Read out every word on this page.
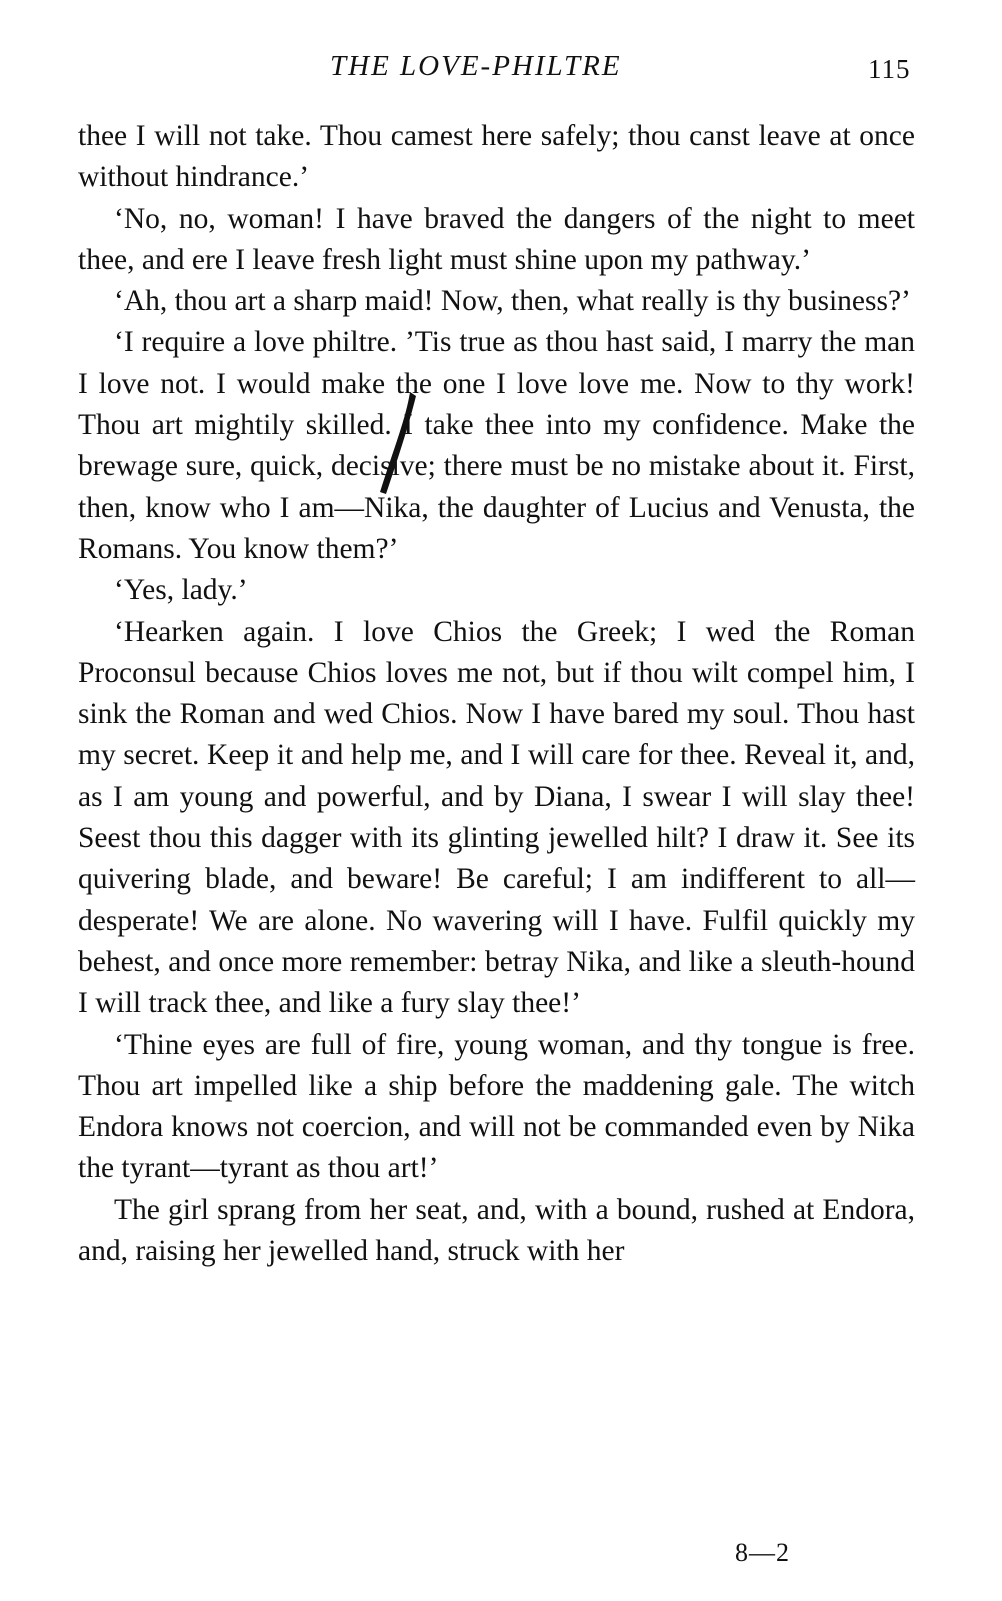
THE LOVE-PHILTRE	115

thee I will not take. Thou camest here safely; thou canst leave at once without hindrance.’

‘No, no, woman! I have braved the dangers of the night to meet thee, and ere I leave fresh light must shine upon my pathway.’

‘Ah, thou art a sharp maid! Now, then, what really is thy business?’

‘I require a love philtre. ’Tis true as thou hast said, I marry the man I love not. I would make the one I love love me. Now to thy work! Thou art mightily skilled. I take thee into my confidence. Make the brewage sure, quick, decisive; there must be no mistake about it. First, then, know who I am—Nika, the daughter of Lucius and Venusta, the Romans. You know them?’

‘Yes, lady.’

‘Hearken again. I love Chios the Greek; I wed the Roman Proconsul because Chios loves me not, but if thou wilt compel him, I sink the Roman and wed Chios. Now I have bared my soul. Thou hast my secret. Keep it and help me, and I will care for thee. Reveal it, and, as I am young and powerful, and by Diana, I swear I will slay thee! Seest thou this dagger with its glinting jewelled hilt? I draw it. See its quivering blade, and beware! Be careful; I am indifferent to all—desperate! We are alone. No wavering will I have. Fulfil quickly my behest, and once more remember: betray Nika, and like a sleuth-hound I will track thee, and like a fury slay thee!’

‘Thine eyes are full of fire, young woman, and thy tongue is free. Thou art impelled like a ship before the maddening gale. The witch Endora knows not coercion, and will not be commanded even by Nika the tyrant—tyrant as thou art!’

The girl sprang from her seat, and, with a bound, rushed at Endora, and, raising her jewelled hand, struck with her

8—2
